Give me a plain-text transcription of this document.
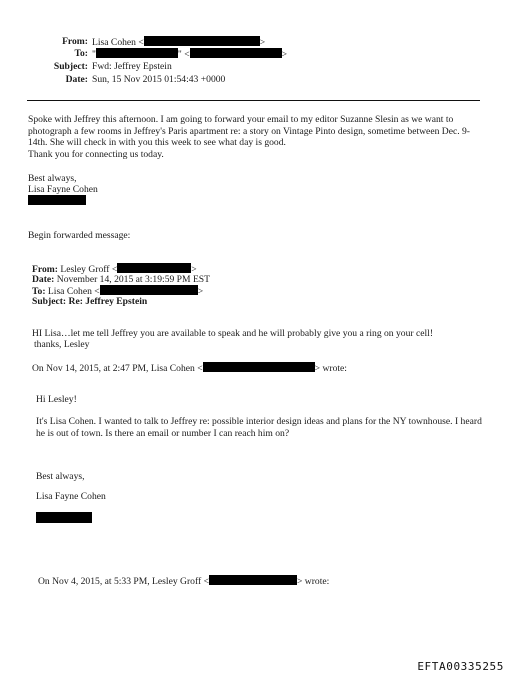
From: Lisa Cohen <	>
To: "	" <	>
Subject: Fwd: Jeffrey Epstein
Date: Sun, 15 Nov 2015 01:54:43 +0000
Spoke with Jeffrey this afternoon. I am going to forward your email to my editor Suzanne Slesin as we want to photograph a few rooms in Jeffrey's Paris apartment re: a story on Vintage Pinto design, sometime between Dec. 9- 14th. She will check in with you this week to see what day is good.
Thank you for connecting us today.
Best always,
Lisa Fayne Cohen
Begin forwarded message:
From: Lesley Groff <	>
Date: November 14, 2015 at 3:19:59 PM EST
To: Lisa Cohen <	>
Subject: Re: Jeffrey Epstein
HI Lisa…let me tell Jeffrey you are available to speak and he will probably give you a ring on your cell!
thanks, Lesley
On Nov 14, 2015, at 2:47 PM, Lisa Cohen <	> wrote:
Hi Lesley!
It's Lisa Cohen. I wanted to talk to Jeffrey re: possible interior design ideas and plans for the NY townhouse. I heard he is out of town. Is there an email or number I can reach him on?
Best always,
Lisa Fayne Cohen
On Nov 4, 2015, at 5:33 PM, Lesley Groff <	> wrote:
EFTA00335255
